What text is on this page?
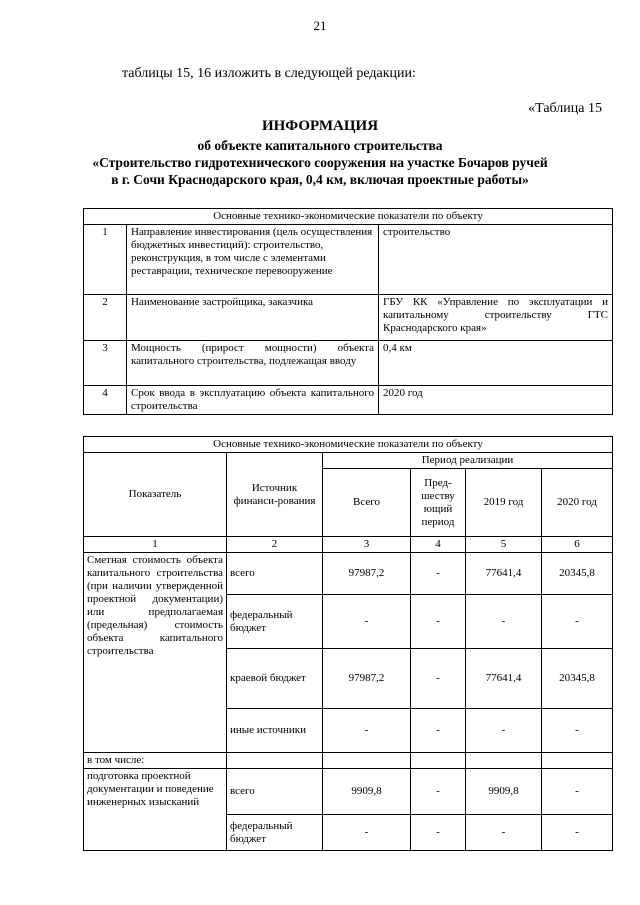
21
таблицы 15, 16 изложить в следующей редакции:
«Таблица 15
ИНФОРМАЦИЯ
об объекте капитального строительства
«Строительство гидротехнического сооружения на участке Бочаров ручей
в г. Сочи Краснодарского края, 0,4 км, включая проектные работы»
Основные технико-экономические показатели по объекту		
1	Направление инвестирования (цель осуществления бюджетных инвестиций): строительство, реконструкция, в том числе с элементами реставрации, техническое перевооружение	строительство
2	Наименование застройщика, заказчика	ГБУ КК «Управление по эксплуатации и капитальному строительству ГТС Краснодарского края»
3	Мощность (прирост мощности) объекта капитального строительства, подлежащая вводу	0,4 км
4	Срок ввода в эксплуатацию объекта капитального строительства	2020 год
Основные технико-экономические показатели по объекту					
Показатель	Источник финанси-рования	Период реализации			
		Всего	Пред-шеству ющий период	2019 год	2020 год
1	2	3	4	5	6
Сметная стоимость объекта капитального строительства (при наличии утвержденной проектной документации) или предполагаемая (предельная) стоимость объекта капитального строительства	всего	97987,2	-	77641,4	20345,8
	федеральный бюджет	-	-	-	-
	краевой бюджет	97987,2	-	77641,4	20345,8
	иные источники	-	-	-	-
в том числе:					
подготовка проектной документации и поведение инженерных изысканий	всего	9909,8	-	9909,8	-
	федеральный бюджет	-	-	-	-
